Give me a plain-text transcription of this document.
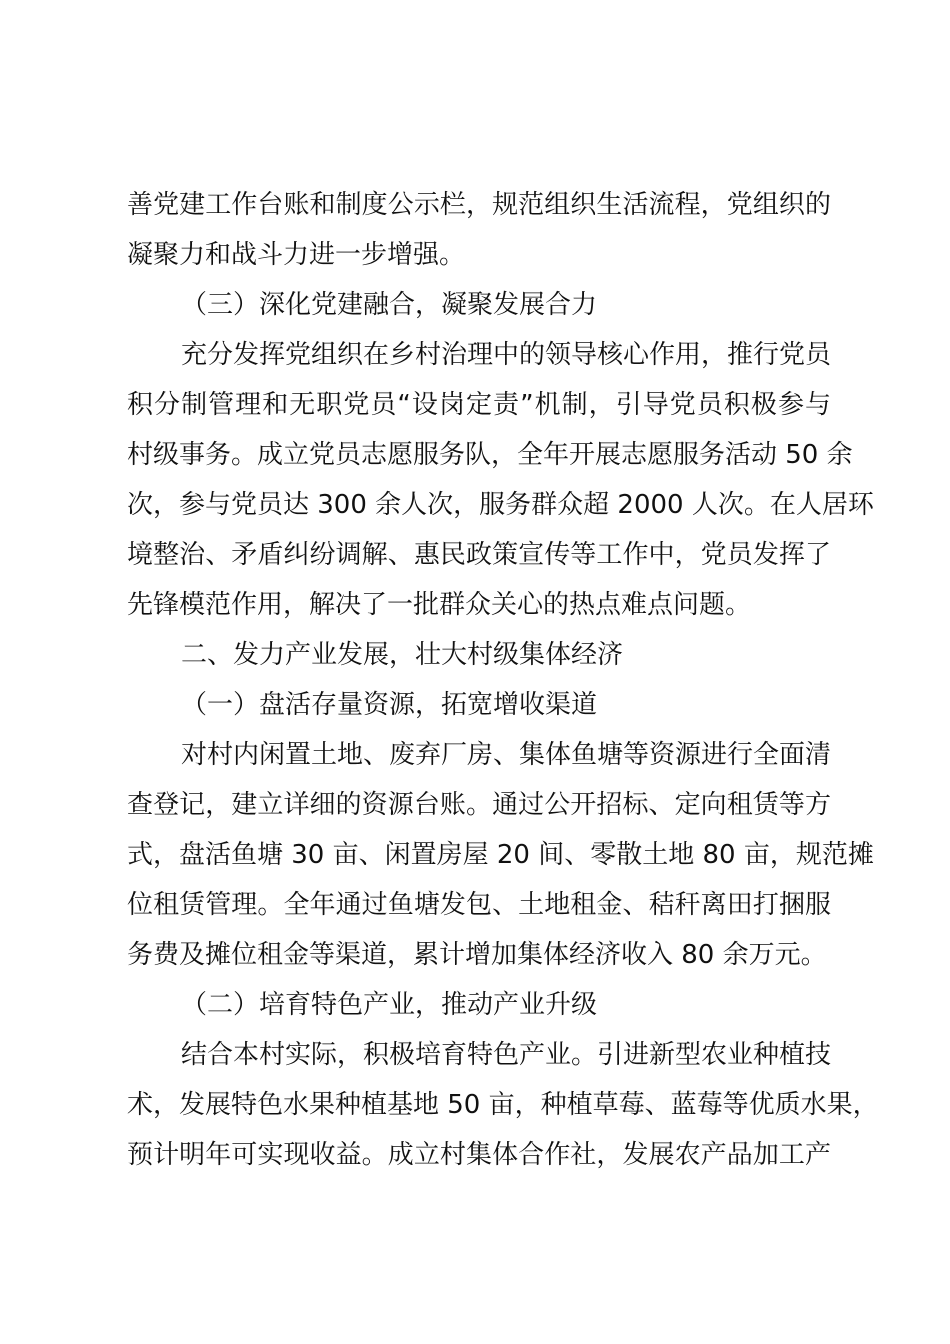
善党建工作台账和制度公示栏，规范组织生活流程，党组织的
凝聚力和战斗力进一步增强。
（三）深化党建融合，凝聚发展合力
充分发挥党组织在乡村治理中的领导核心作用，推行党员
积分制管理和无职党员“设岗定责”机制，引导党员积极参与
村级事务。成立党员志愿服务队，全年开展志愿服务活动 50 余
次，参与党员达 300 余人次，服务群众超 2000 人次。在人居环
境整治、矛盾纠纷调解、惠民政策宣传等工作中，党员发挥了
先锋模范作用，解决了一批群众关心的热点难点问题。
二、发力产业发展，壮大村级集体经济
（一）盘活存量资源，拓宽增收渠道
对村内闲置土地、废弃厂房、集体鱼塘等资源进行全面清
查登记，建立详细的资源台账。通过公开招标、定向租赁等方
式，盘活鱼塘 30 亩、闲置房屋 20 间、零散土地 80 亩，规范摊
位租赁管理。全年通过鱼塘发包、土地租金、秸秆离田打捆服
务费及摊位租金等渠道，累计增加集体经济收入 80 余万元。
（二）培育特色产业，推动产业升级
结合本村实际，积极培育特色产业。引进新型农业种植技
术，发展特色水果种植基地 50 亩，种植草莓、蓝莓等优质水果，
预计明年可实现收益。成立村集体合作社，发展农产品加工产
